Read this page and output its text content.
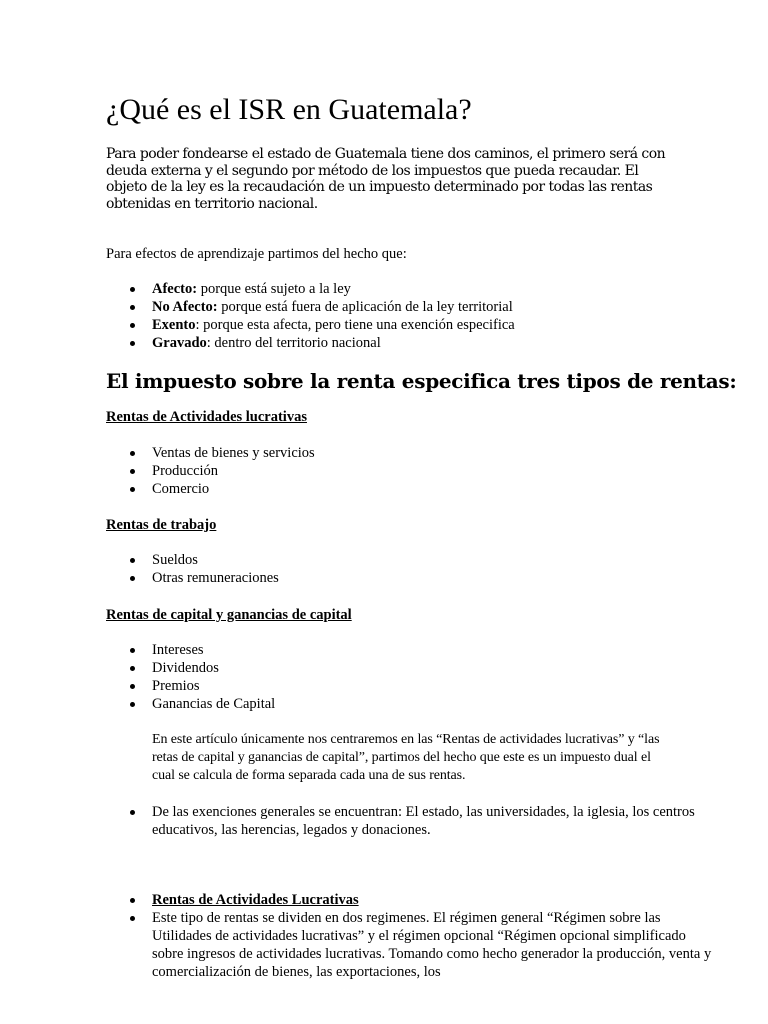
¿Qué es el ISR en Guatemala?

Para poder fondearse el estado de Guatemala tiene dos caminos, el primero será con deuda externa y el segundo por método de los impuestos que pueda recaudar. El objeto de la ley es la recaudación de un impuesto determinado por todas las rentas obtenidas en territorio nacional.

Para efectos de aprendizaje partimos del hecho que:

Afecto: porque está sujeto a la ley
No Afecto: porque está fuera de aplicación de la ley territorial
Exento: porque esta afecta, pero tiene una exención especifica
Gravado: dentro del territorio nacional
El impuesto sobre la renta especifica tres tipos de rentas:
Rentas de Actividades lucrativas
Ventas de bienes y servicios
Producción
Comercio
Rentas de trabajo
Sueldos
Otras remuneraciones
Rentas de capital y ganancias de capital
Intereses
Dividendos
Premios
Ganancias de Capital

En este artículo únicamente nos centraremos en las “Rentas de actividades lucrativas” y “las retas de capital y ganancias de capital”, partimos del hecho que este es un impuesto dual el cual se calcula de forma separada cada una de sus rentas.

De las exenciones generales se encuentran: El estado, las universidades, la iglesia, los centros educativos, las herencias, legados y donaciones.
Rentas de Actividades Lucrativas
Este tipo de rentas se dividen en dos regimenes. El régimen general “Régimen sobre las Utilidades de actividades lucrativas” y el régimen opcional “Régimen opcional simplificado sobre ingresos de actividades lucrativas. Tomando como hecho generador la producción, venta y comercialización de bienes, las exportaciones, los
